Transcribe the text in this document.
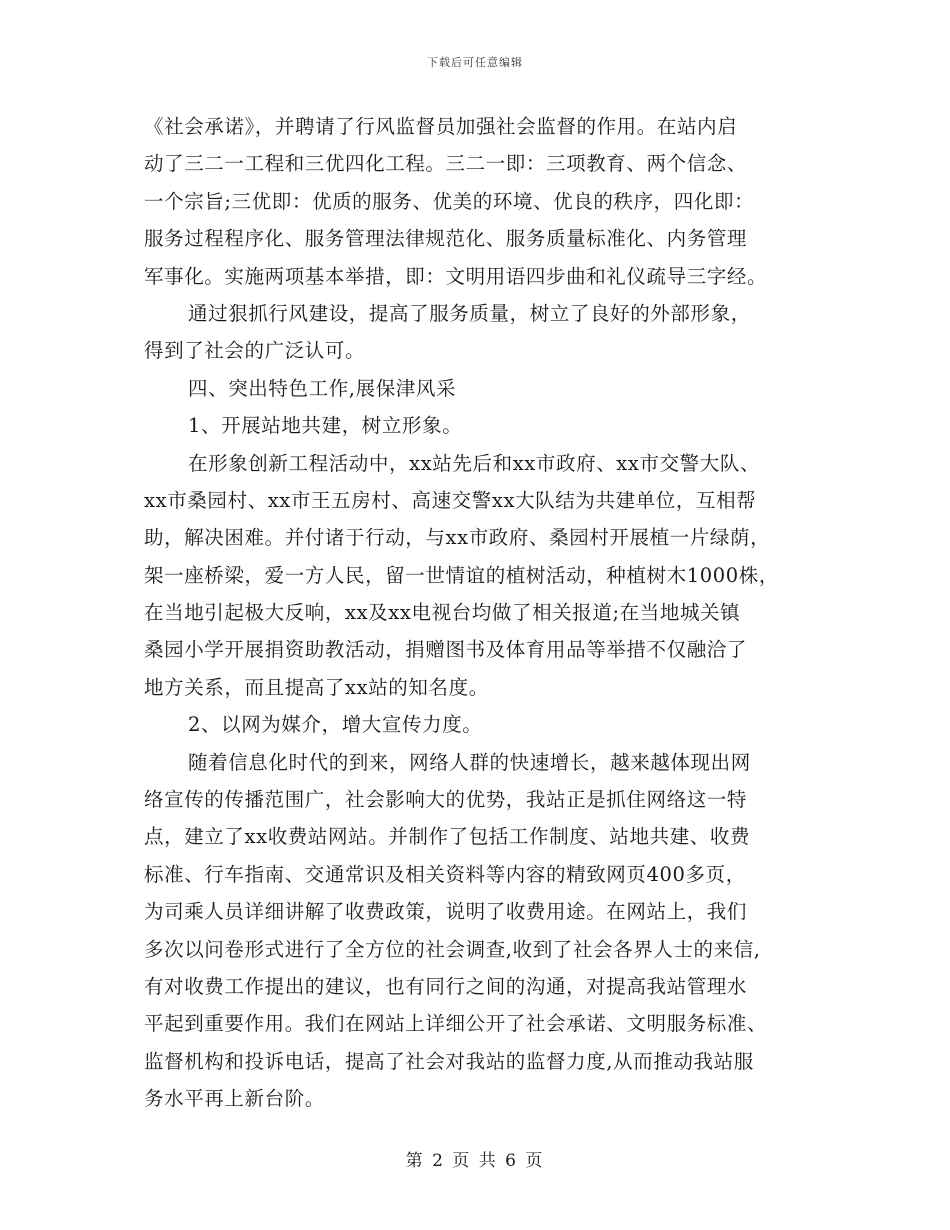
下载后可任意编辑
《社会承诺》，并聘请了行风监督员加强社会监督的作用。在站内启
动了三二一工程和三优四化工程。三二一即：三项教育、两个信念、
一个宗旨;三优即：优质的服务、优美的环境、优良的秩序，四化即：
服务过程程序化、服务管理法律规范化、服务质量标准化、内务管理
军事化。实施两项基本举措，即：文明用语四步曲和礼仪疏导三字经。
通过狠抓行风建设，提高了服务质量，树立了良好的外部形象，
得到了社会的广泛认可。
四、突出特色工作,展保津风采
1、开展站地共建，树立形象。
在形象创新工程活动中，xx站先后和xx市政府、xx市交警大队、
xx市桑园村、xx市王五房村、高速交警xx大队结为共建单位，互相帮
助，解决困难。并付诸于行动，与xx市政府、桑园村开展植一片绿荫，
架一座桥梁，爱一方人民，留一世情谊的植树活动，种植树木1000株，
在当地引起极大反响，xx及xx电视台均做了相关报道;在当地城关镇
桑园小学开展捐资助教活动，捐赠图书及体育用品等举措不仅融洽了
地方关系，而且提高了xx站的知名度。
2、以网为媒介，增大宣传力度。
随着信息化时代的到来，网络人群的快速增长，越来越体现出网
络宣传的传播范围广，社会影响大的优势，我站正是抓住网络这一特
点，建立了xx收费站网站。并制作了包括工作制度、站地共建、收费
标准、行车指南、交通常识及相关资料等内容的精致网页400多页，
为司乘人员详细讲解了收费政策，说明了收费用途。在网站上，我们
多次以问卷形式进行了全方位的社会调查,收到了社会各界人士的来信,
有对收费工作提出的建议，也有同行之间的沟通，对提高我站管理水
平起到重要作用。我们在网站上详细公开了社会承诺、文明服务标准、
监督机构和投诉电话，提高了社会对我站的监督力度,从而推动我站服
务水平再上新台阶。
第 2 页 共 6 页
